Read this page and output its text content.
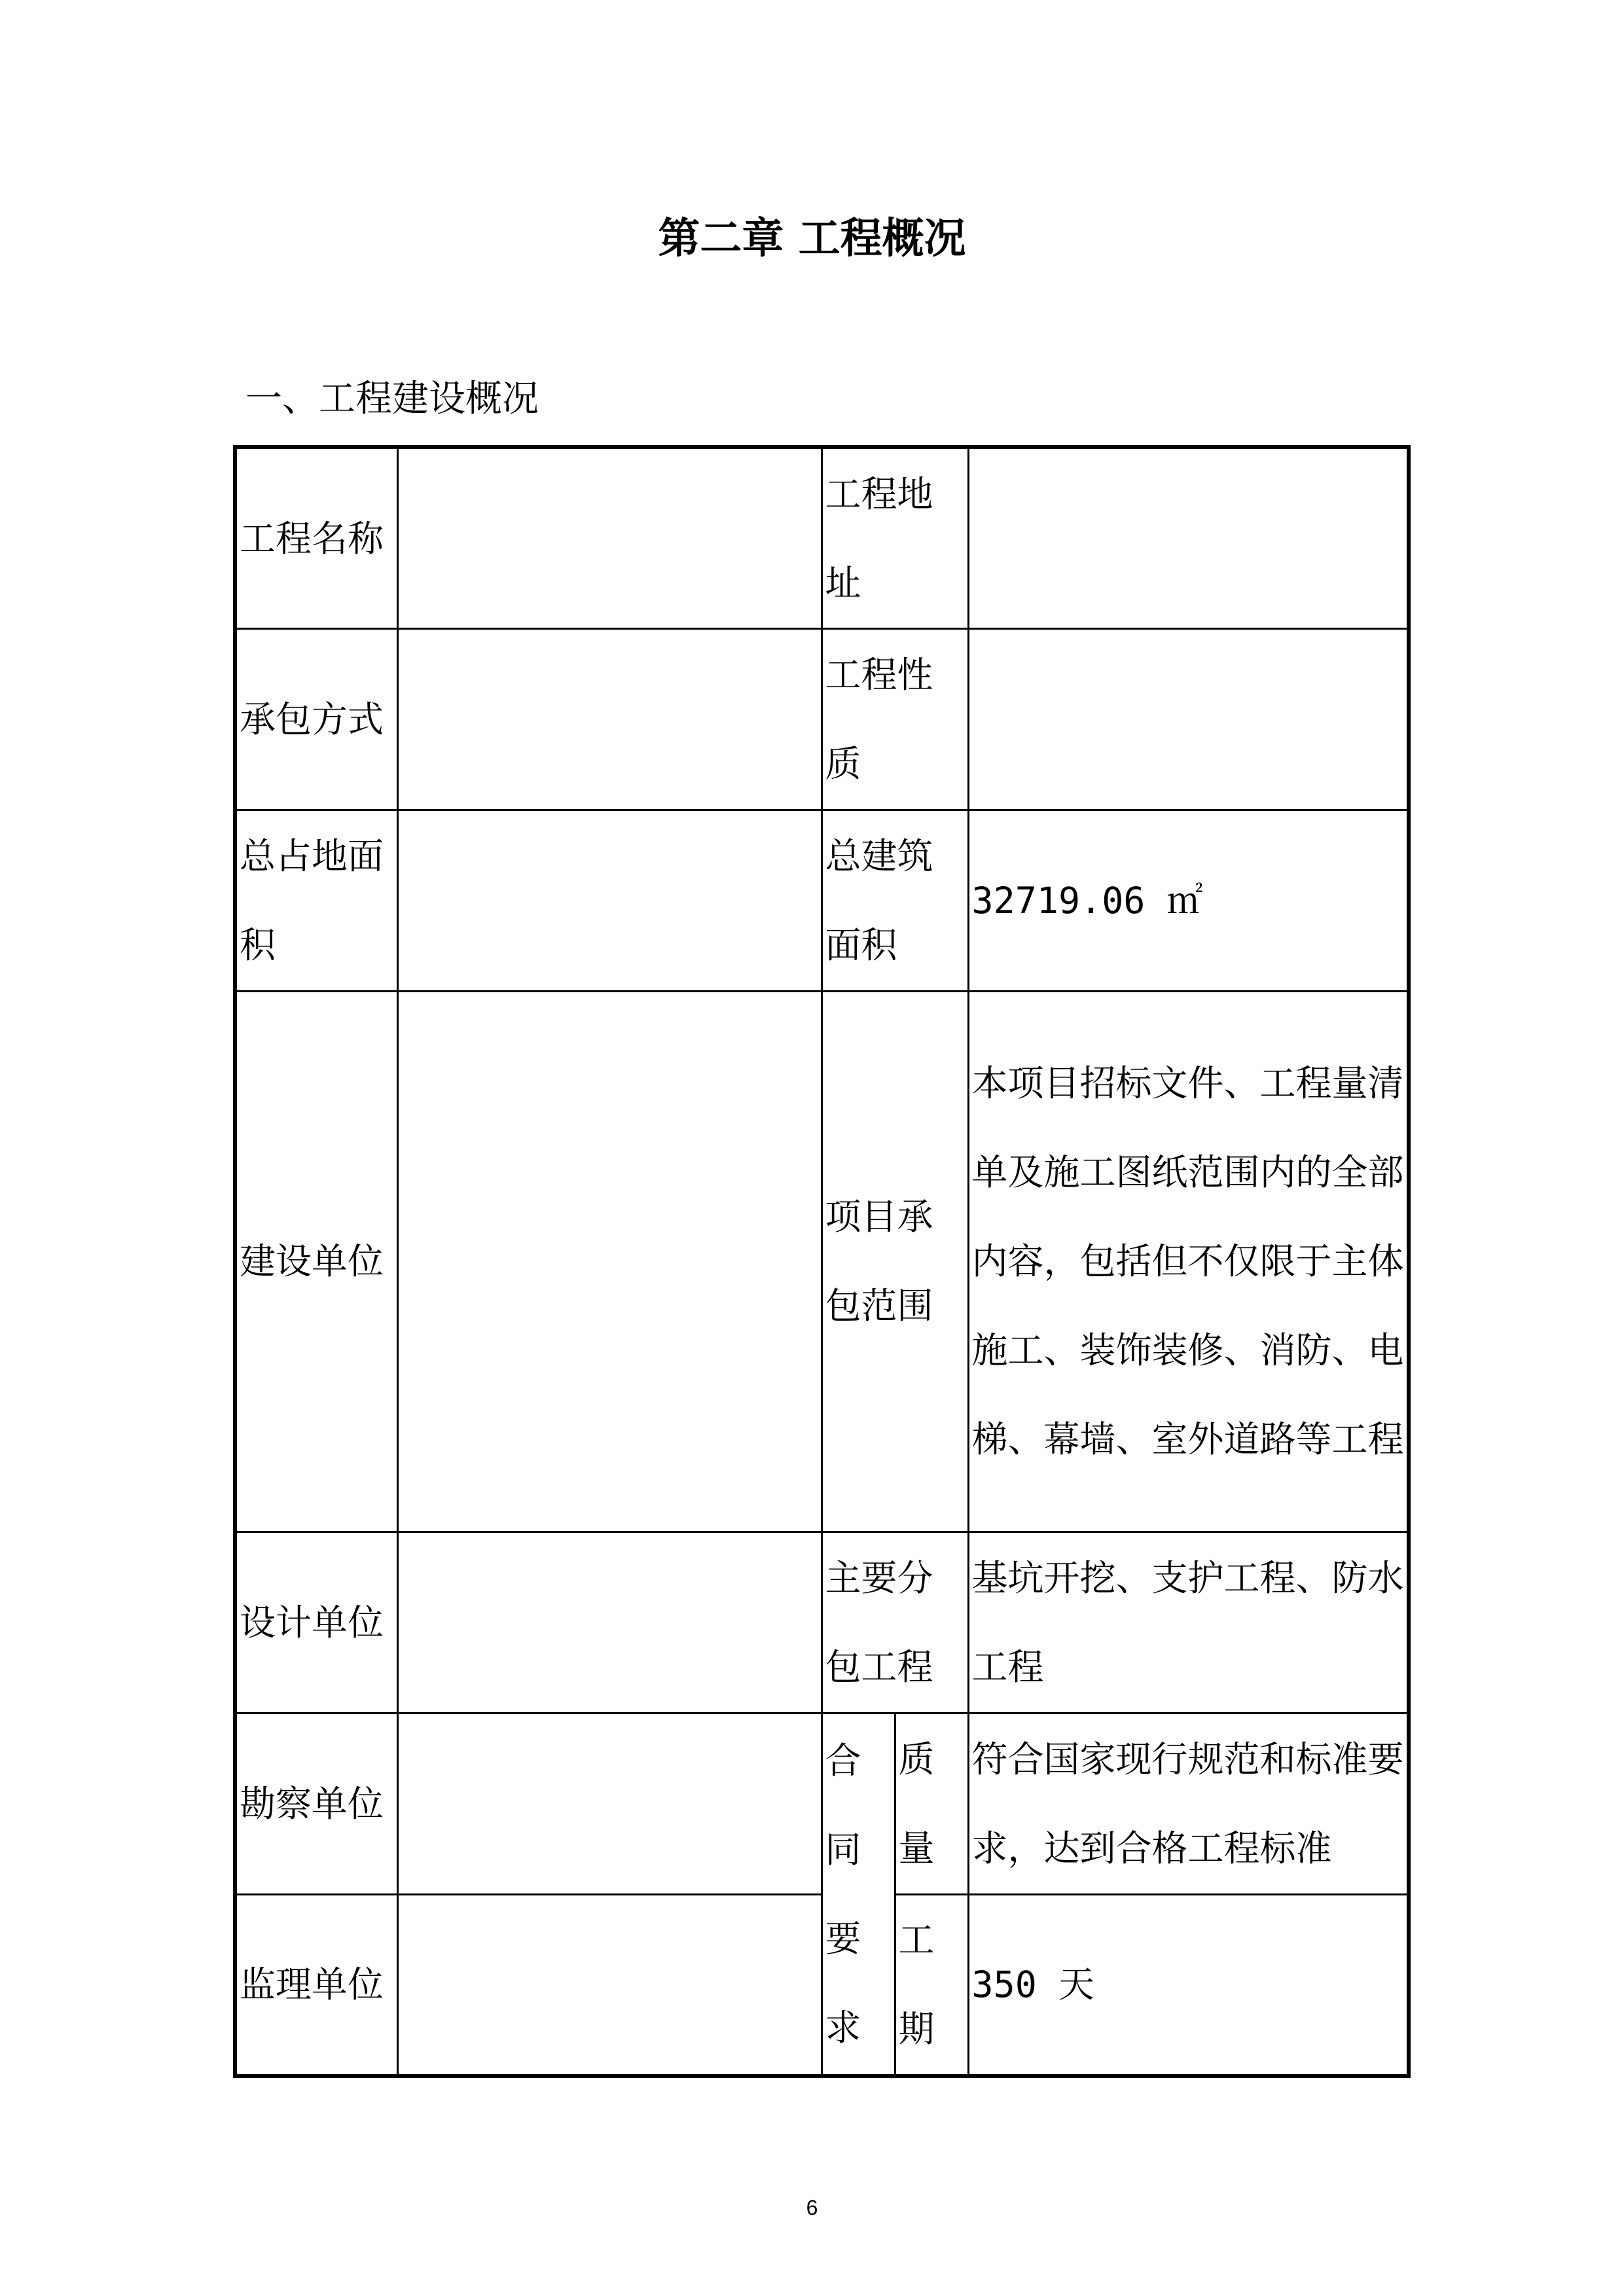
第二章 工程概况
一、工程建设概况
工程名称		工程地址		
承包方式		工程性质		
总占地面积		总建筑面积		32719.06 ㎡
建设单位		项目承包范围		本项目招标文件、工程量清单及施工图纸范围内的全部内容，包括但不仅限于主体施工、装饰装修、消防、电梯、幕墙、室外道路等工程
设计单位		主要分包工程		基坑开挖、支护工程、防水工程
勘察单位		合同要求	质量	符合国家现行规范和标准要求，达到合格工程标准
监理单位			工期	350 天
6
